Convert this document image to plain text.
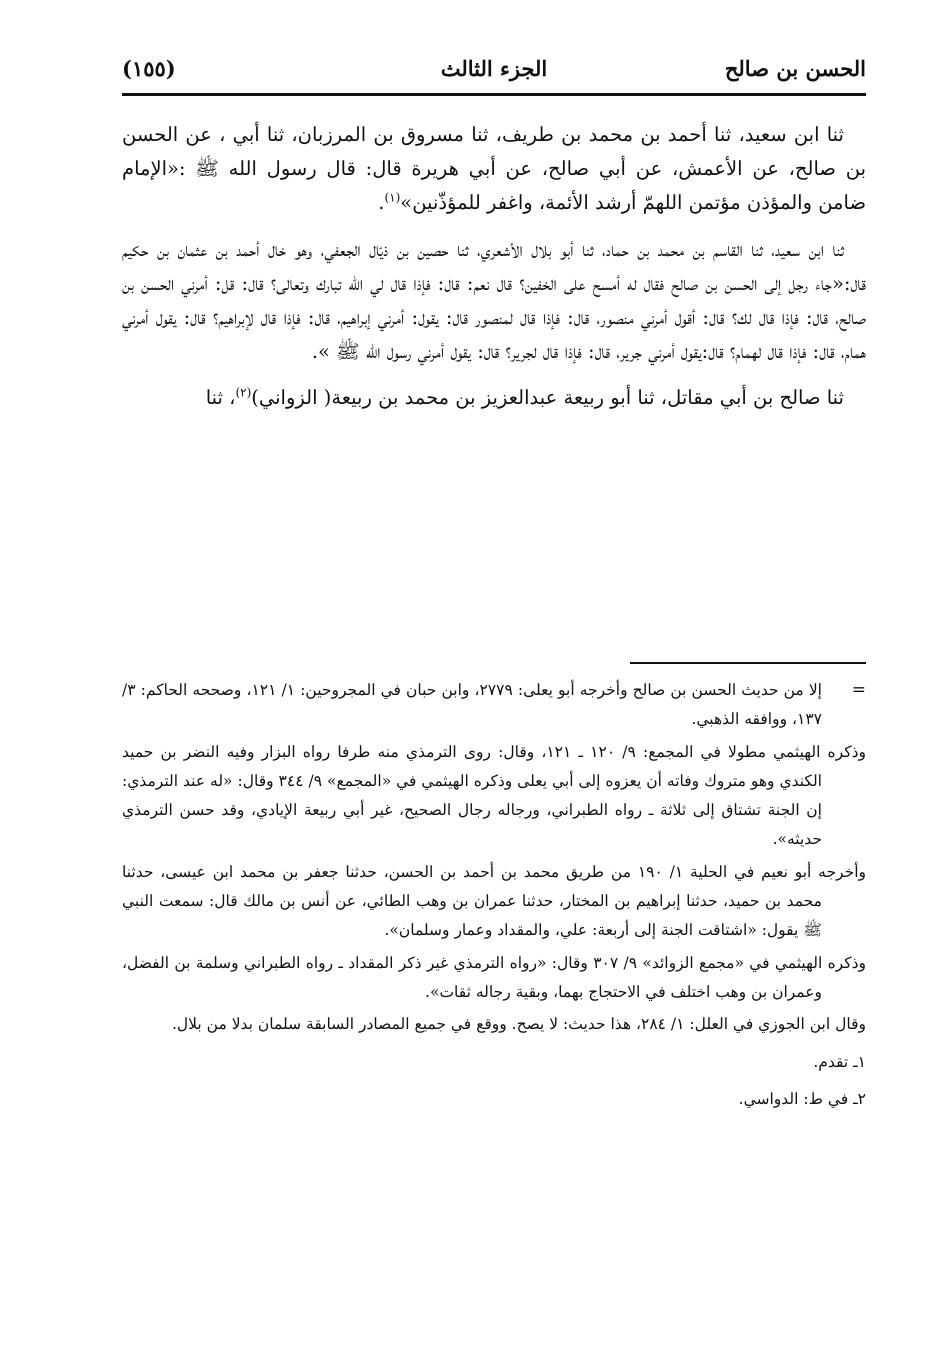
الحسن بن صالح
الجزء الثالث
(١٥٥)

ثنا ابن سعيد، ثنا أحمد بن محمد بن طريف، ثنا مسروق بن المرزبان، ثنا أبي ، عن الحسن بن صالح، عن الأعمش، عن أبي صالح، عن أبي هريرة قال: قال رسول الله ﷺ :«الإمام ضامن والمؤذن مؤتمن اللهمّ أرشد الأئمة، واغفر للمؤذّنين»$^{(١)}$.

ثنا ابن سعيد، ثنا القاسم بن محمد بن حماد، ثنا أبو بلال الأشعري، ثنا حصين بن ذيّال الجعفي، وهو خال أحمد بن عثمان بن حكيم قال:«جاء رجل إلى الحسن بن صالح فقال له أمسح على الخفين؟ قال نعم: قال: فإذا قال لي الله تبارك وتعالى؟ قال: قل: أمرني الحسن بن صالح، قال: فإذا قال لك؟ قال: أقول أمرني منصور، قال: فإذا قال لمنصور قال: يقول: أمرني إبراهيم، قال: فإذا قال لإبراهيم؟ قال: يقول أمرني همام، قال: فإذا قال لهمام؟ قال:يقول أمرني جرير، قال: فإذا قال لجرير؟ قال: يقول أمرني رسول الله ﷺ ».

ثنا صالح بن أبي مقاتل، ثنا أبو ربيعة عبدالعزيز بن محمد بن ربيعة( الزواني)$^{(٢)}$، ثنا

=
إلا من حديث الحسن بن صالح وأخرجه أبو يعلى: ٢٧٧٩، وابن حبان في المجروحين: ١/ ١٢١، وصححه الحاكم: ٣/ ١٣٧، ووافقه الذهبي.

وذكره الهيثمي مطولا في المجمع: ٩/ ١٢٠ ـ ١٢١، وقال: روى الترمذي منه طرفا رواه البزار وفيه النضر بن حميد الكندي وهو متروك وفاته أن يعزوه إلى أبي يعلى وذكره الهيثمي في «المجمع» ٩/ ٣٤٤ وقال: «له عند الترمذي: إن الجنة تشتاق إلى ثلاثة ـ رواه الطبراني، ورجاله رجال الصحيح، غير أبي ربيعة الإيادي، وقد حسن الترمذي حديثه».

وأخرجه أبو نعيم في الحلية ١/ ١٩٠ من طريق محمد بن أحمد بن الحسن، حدثنا جعفر بن محمد ابن عيسى، حدثنا محمد بن حميد، حدثنا إبراهيم بن المختار، حدثنا عمران بن وهب الطائي، عن أنس بن مالك قال: سمعت النبي ﷺ يقول: «اشتاقت الجنة إلى أربعة: علي، والمقداد وعمار وسلمان».

وذكره الهيثمي في «مجمع الزوائد» ٩/ ٣٠٧ وقال: «رواه الترمذي غير ذكر المقداد ـ رواه الطبراني وسلمة بن الفضل، وعمران بن وهب اختلف في الاحتجاج بهما، وبقية رجاله ثقات».

وقال ابن الجوزي في العلل: ١/ ٢٨٤، هذا حديث: لا يصح. ووقع في جميع المصادر السابقة سلمان بدلا من بلال.

١ـ تقدم.

٢ـ في ط: الدواسي.
